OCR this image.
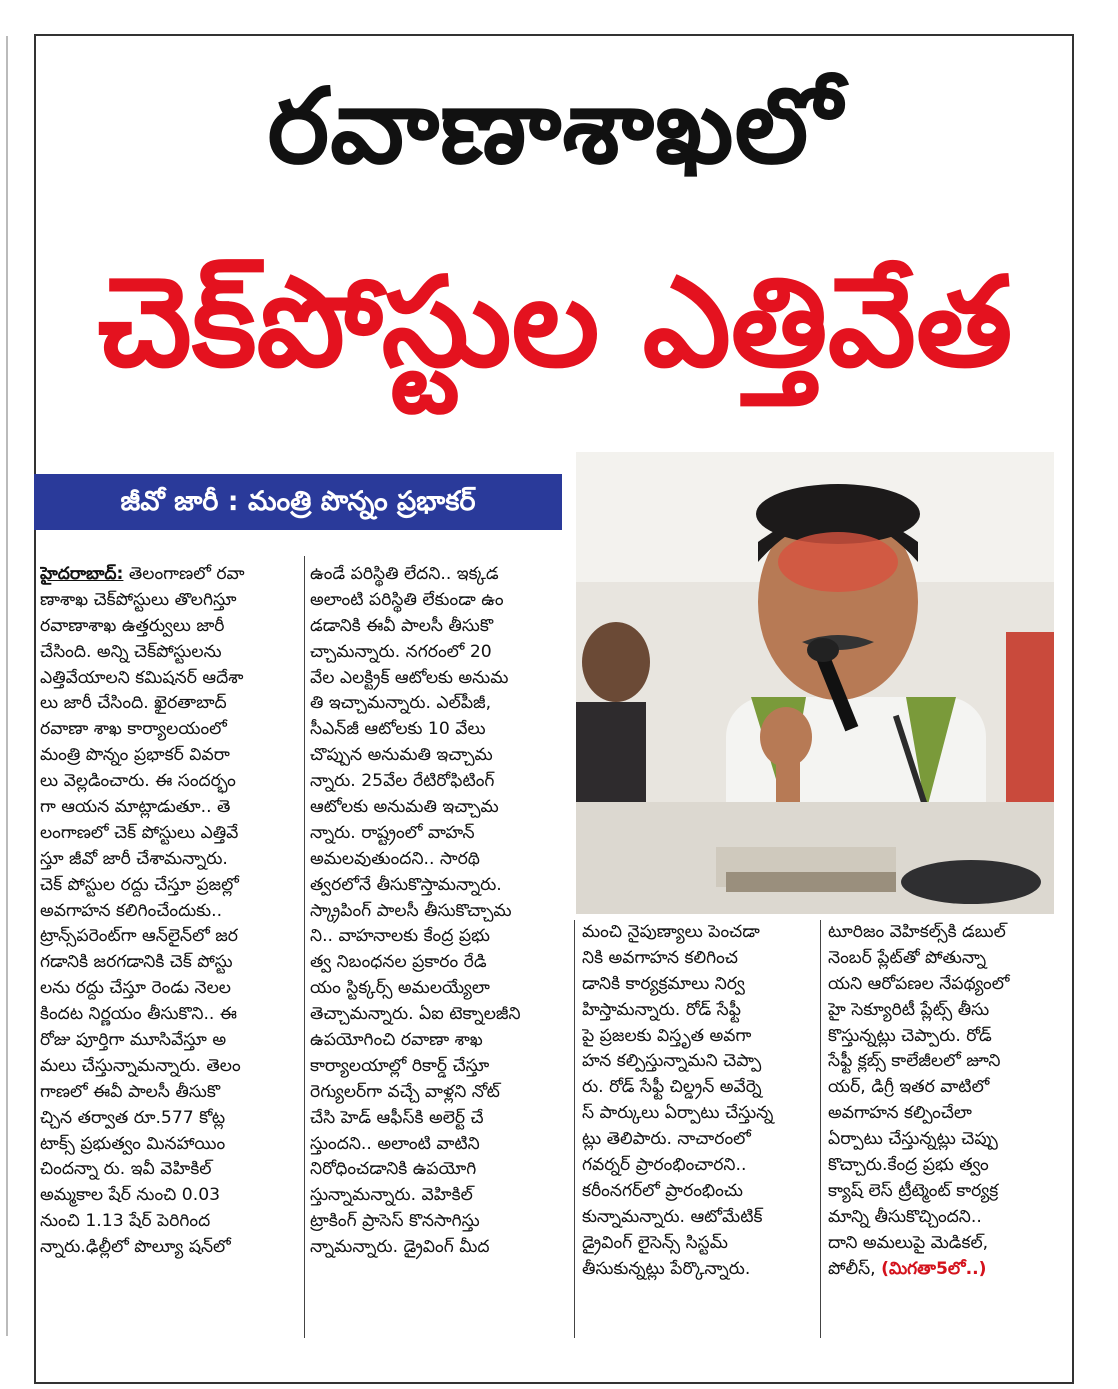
రవాణాశాఖలో
చెక్‌పోస్టుల ఎత్తివేత
జీవో జారీ : మంత్రి పొన్నం ప్రభాకర్
హైదరాబాద్: తెలంగాణలో రవా
ణాశాఖ చెక్‌పోస్టులు తొలగిస్తూ
రవాణాశాఖ ఉత్తర్వులు జారీ
చేసింది. అన్ని చెక్‌పోస్టులను
ఎత్తివేయాలని కమిషనర్ ఆదేశా
లు జారీ చేసింది. ఖైరతాబాద్
రవాణా శాఖ కార్యాలయంలో
మంత్రి పొన్నం ప్రభాకర్ వివరా
లు వెల్లడించారు. ఈ సందర్భం
గా ఆయన మాట్లాడుతూ.. తె
లంగాణలో చెక్ పోస్టులు ఎత్తివే
స్తూ జీవో జారీ చేశామన్నారు.
చెక్ పోస్టుల రద్దు చేస్తూ ప్రజల్లో
అవగాహన కలిగించేందుకు..
ట్రాన్స్‌పరెంట్‌గా ఆన్‌లైన్‌లో జర
గడానికి జరగడానికి చెక్ పోస్టు
లను రద్దు చేస్తూ రెండు నెలల
కిందట నిర్ణయం తీసుకొని.. ఈ
రోజు పూర్తిగా మూసివేస్తూ అ
మలు చేస్తున్నామన్నారు. తెలం
గాణలో ఈవీ పాలసీ తీసుకొ
చ్చిన తర్వాత రూ.577 కోట్ల
టాక్స్ ప్రభుత్వం మినహాయిం
చిందన్నా రు. ఇవీ వెహికిల్
అమ్మకాల షేర్ నుంచి 0.03
నుంచి 1.13 షేర్ పెరిగింద
న్నారు.ఢిల్లీలో పొల్యూ షన్‌లో
ఉండే పరిస్థితి లేదని.. ఇక్కడ
అలాంటి పరిస్థితి లేకుండా ఉం
డడానికి ఈవీ పాలసీ తీసుకొ
చ్చామన్నారు. నగరంలో 20
వేల ఎలక్ట్రిక్ ఆటోలకు అనుమ
తి ఇచ్చామన్నారు. ఎల్‌పీజీ,
సీఎన్‌జీ ఆటోలకు 10 వేలు
చొప్పున అనుమతి ఇచ్చామ
న్నారు. 25వేల రేటిరోఫిటింగ్
ఆటోలకు అనుమతి ఇచ్చామ
న్నారు. రాష్ట్రంలో వాహన్
అమలవుతుందని.. సారథి
త్వరలోనే తీసుకొస్తామన్నారు.
స్క్రాపింగ్ పాలసీ తీసుకొచ్చామ
ని.. వాహనాలకు కేంద్ర ప్రభు
త్వ నిబంధనల ప్రకారం రేడి
యం స్టిక్కర్స్ అమలయ్యేలా
తెచ్చామన్నారు. ఏఐ టెక్నాలజీని
ఉపయోగించి రవాణా శాఖ
కార్యాలయాల్లో రికార్డ్ చేస్తూ
రెగ్యులర్‌గా వచ్చే వాళ్లని నోట్
చేసి హెడ్ ఆఫీస్‌కి అలెర్ట్ చే
స్తుందని.. అలాంటి వాటిని
నిరోధించడానికి ఉపయోగి
స్తున్నామన్నారు. వెహికిల్
ట్రాకింగ్ ప్రాసెస్ కొనసాగిస్తు
న్నామన్నారు. డ్రైవింగ్ మీద
మంచి నైపుణ్యాలు పెంచడా
నికి అవగాహన కలిగించ
డానికి కార్యక్రమాలు నిర్వ
హిస్తామన్నారు. రోడ్ సేఫ్టీ
పై ప్రజలకు విస్తృత అవగా
హన కల్పిస్తున్నామని చెప్పా
రు. రోడ్ సేఫ్టీ చిల్డ్రన్ అవేర్నె
స్ పార్కులు ఏర్పాటు చేస్తున్న
ట్లు తెలిపారు. నాచారంలో
గవర్నర్ ప్రారంభించారని..
కరీంనగర్‌లో ప్రారంభించు
కున్నామన్నారు. ఆటోమేటిక్
డ్రైవింగ్ లైసెన్స్ సిస్టమ్
తీసుకున్నట్లు పేర్కొన్నారు.
టూరిజం వెహికల్స్‌కి డబుల్
నెంబర్ ప్లేట్‌తో పోతున్నా
యని ఆరోపణల నేపథ్యంలో
హై సెక్యూరిటీ ప్లేట్స్ తీసు
కొస్తున్నట్లు చెప్పారు. రోడ్
సేఫ్టీ క్లబ్స్ కాలేజీలలో జూని
యర్, డిగ్రీ ఇతర వాటిలో
అవగాహన కల్పించేలా
ఏర్పాటు చేస్తున్నట్లు చెప్పు
కొచ్చారు.కేంద్ర ప్రభు త్వం
క్యాష్ లెస్ ట్రీట్మెంట్ కార్యక్ర
మాన్ని తీసుకొచ్చిందని..
దాని అమలుపై మెడికల్,
పోలీస్, (మిగతా5లో..)
